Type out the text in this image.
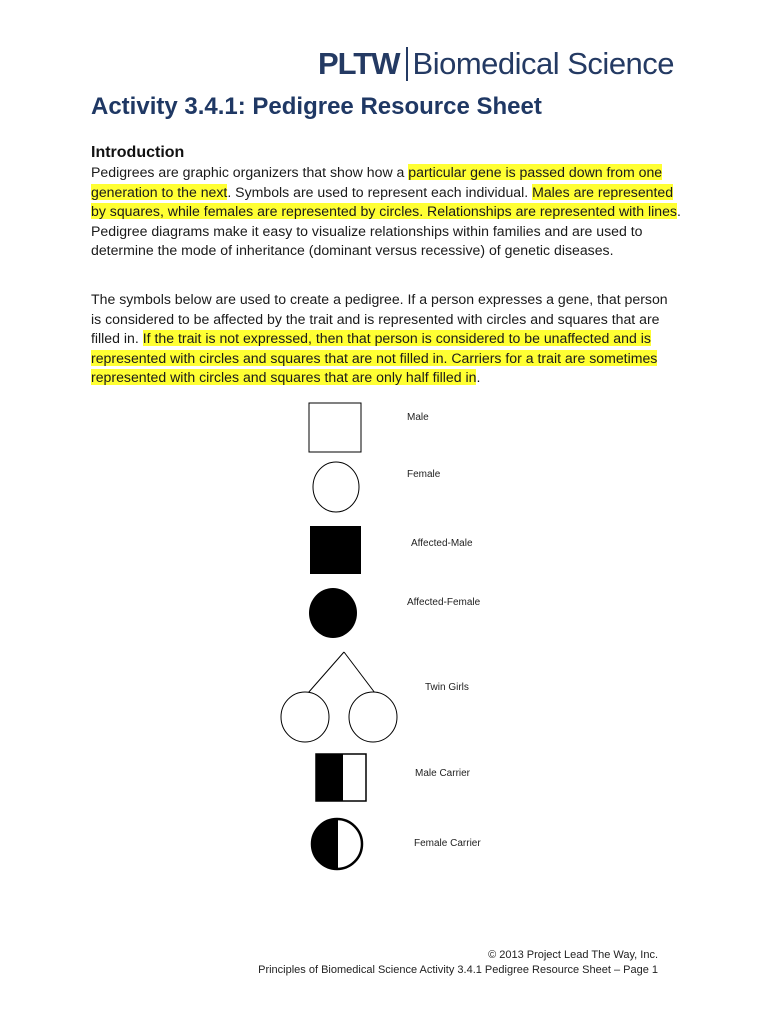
PLTW Biomedical Science
Activity 3.4.1: Pedigree Resource Sheet
Introduction

Pedigrees are graphic organizers that show how a particular gene is passed down from one generation to the next. Symbols are used to represent each individual. Males are represented by squares, while females are represented by circles. Relationships are represented with lines. Pedigree diagrams make it easy to visualize relationships within families and are used to determine the mode of inheritance (dominant versus recessive) of genetic diseases.

The symbols below are used to create a pedigree. If a person expresses a gene, that person is considered to be affected by the trait and is represented with circles and squares that are filled in. If the trait is not expressed, then that person is considered to be unaffected and is represented with circles and squares that are not filled in. Carriers for a trait are sometimes represented with circles and squares that are only half filled in.

Male
Female
Affected-Male
Affected-Female
Twin Girls
Male Carrier
Female Carrier
© 2013 Project Lead The Way, Inc.
Principles of Biomedical Science Activity 3.4.1 Pedigree Resource Sheet – Page 1
